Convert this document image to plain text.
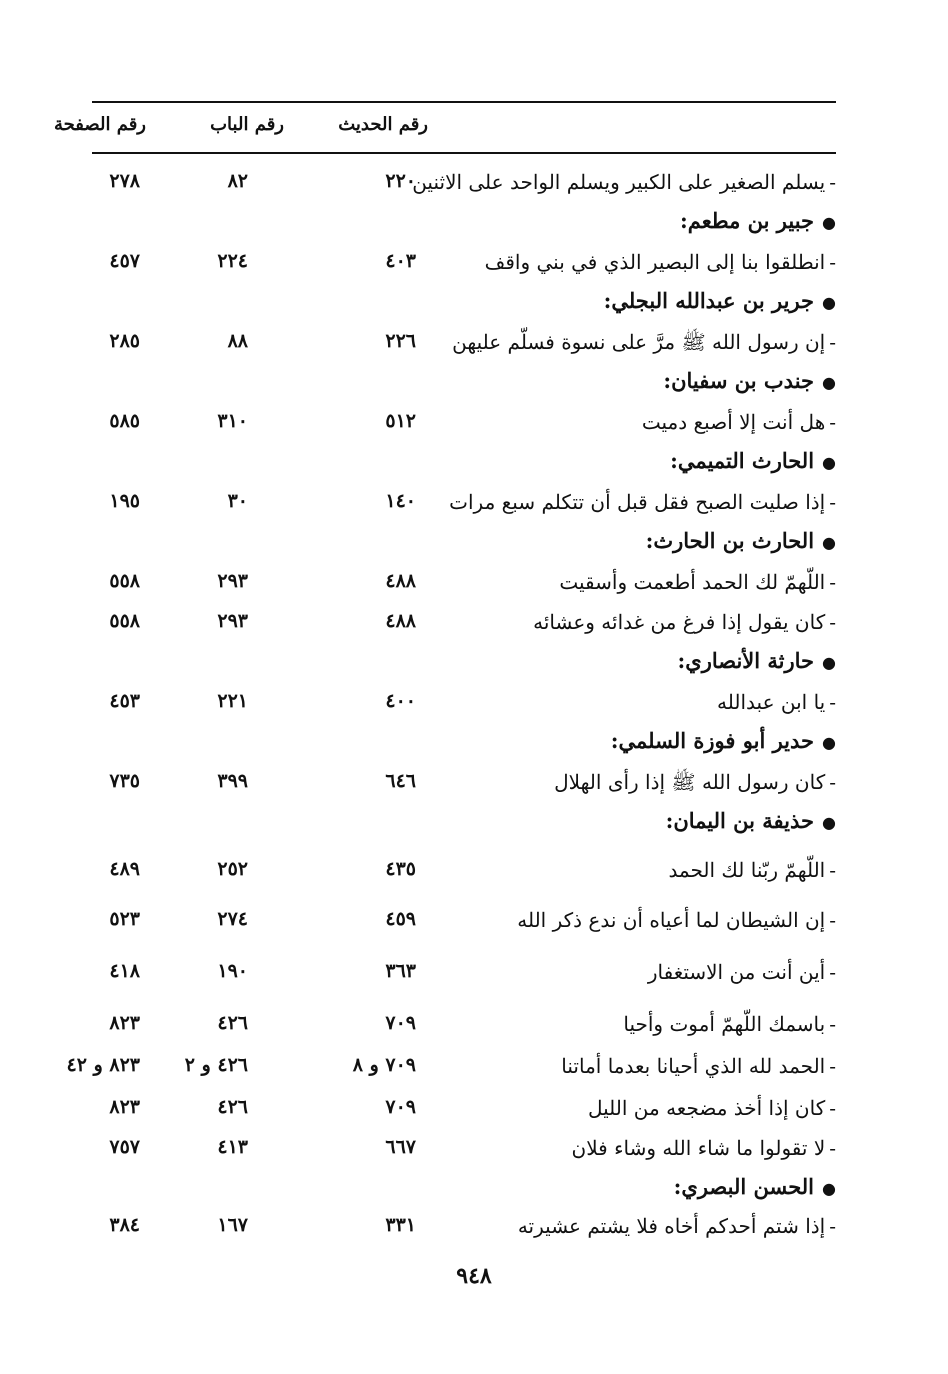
رقم الحديث
رقم الباب
رقم الصفحة
-يسلم الصغير على الكبير ويسلم الواحد على الاثنين
٢٢٠
٨٢
٢٧٨
●جبير بن مطعم:
-انطلقوا بنا إلى البصير الذي في بني واقف
٤٠٣
٢٢٤
٤٥٧
●جرير بن عبدالله البجلي:
-إن رسول الله ﷺ مرَّ على نسوة فسلّم عليهن
٢٢٦
٨٨
٢٨٥
●جندب بن سفيان:
-هل أنت إلا أصبع دميت
٥١٢
٣١٠
٥٨٥
●الحارث التميمي:
-إذا صليت الصبح فقل قبل أن تتكلم سبع مرات
١٤٠
٣٠
١٩٥
●الحارث بن الحارث:
-اللّهمّ لك الحمد أطعمت وأسقيت
٤٨٨
٢٩٣
٥٥٨
-كان يقول إذا فرغ من غدائه وعشائه
٤٨٨
٢٩٣
٥٥٨
●حارثة الأنصاري:
-يا ابن عبدالله
٤٠٠
٢٢١
٤٥٣
●حدير أبو فوزة السلمي:
-كان رسول الله ﷺ إذا رأى الهلال
٦٤٦
٣٩٩
٧٣٥
●حذيفة بن اليمان:
-اللّهمّ ربّنا لك الحمد
٤٣٥
٢٥٢
٤٨٩
-إن الشيطان لما أعياه أن ندع ذكر الله
٤٥٩
٢٧٤
٥٢٣
-أين أنت من الاستغفار
٣٦٣
١٩٠
٤١٨
-باسمك اللّهمّ أموت وأحيا
٧٠٩
٤٢٦
٨٢٣
-الحمد لله الذي أحيانا بعدما أماتنا
٧٠٩ و ٨
٤٢٦ و ٢
٨٢٣ و ٤٢
-كان إذا أخذ مضجعه من الليل
٧٠٩
٤٢٦
٨٢٣
-لا تقولوا ما شاء الله وشاء فلان
٦٦٧
٤١٣
٧٥٧
●الحسن البصري:
-إذا شتم أحدكم أخاه فلا يشتم عشيرته
٣٣١
١٦٧
٣٨٤
٩٤٨
